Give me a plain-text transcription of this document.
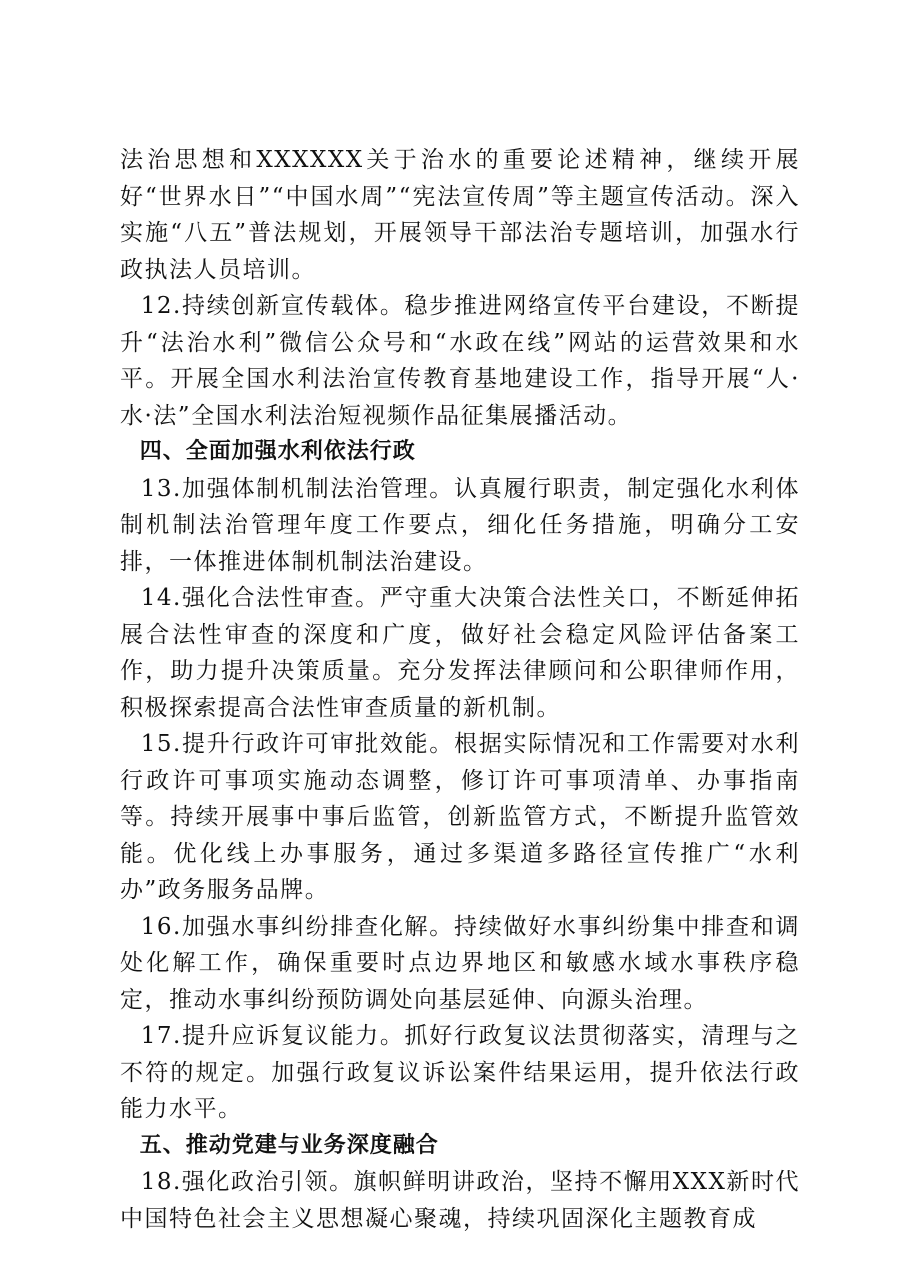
法治思想和XXXXXX关于治水的重要论述精神，继续开展好“世界水日”“中国水周”“宪法宣传周”等主题宣传活动。深入实施“八五”普法规划，开展领导干部法治专题培训，加强水行政执法人员培训。

12.持续创新宣传载体。稳步推进网络宣传平台建设，不断提升“法治水利”微信公众号和“水政在线”网站的运营效果和水平。开展全国水利法治宣传教育基地建设工作，指导开展“人·水·法”全国水利法治短视频作品征集展播活动。

四、全面加强水利依法行政

13.加强体制机制法治管理。认真履行职责，制定强化水利体制机制法治管理年度工作要点，细化任务措施，明确分工安排，一体推进体制机制法治建设。

14.强化合法性审查。严守重大决策合法性关口，不断延伸拓展合法性审查的深度和广度，做好社会稳定风险评估备案工作，助力提升决策质量。充分发挥法律顾问和公职律师作用，积极探索提高合法性审查质量的新机制。

15.提升行政许可审批效能。根据实际情况和工作需要对水利行政许可事项实施动态调整，修订许可事项清单、办事指南等。持续开展事中事后监管，创新监管方式，不断提升监管效能。优化线上办事服务，通过多渠道多路径宣传推广“水利办”政务服务品牌。

16.加强水事纠纷排查化解。持续做好水事纠纷集中排查和调处化解工作，确保重要时点边界地区和敏感水域水事秩序稳定，推动水事纠纷预防调处向基层延伸、向源头治理。

17.提升应诉复议能力。抓好行政复议法贯彻落实，清理与之不符的规定。加强行政复议诉讼案件结果运用，提升依法行政能力水平。

五、推动党建与业务深度融合

18.强化政治引领。旗帜鲜明讲政治，坚持不懈用XXX新时代中国特色社会主义思想凝心聚魂，持续巩固深化主题教育成
